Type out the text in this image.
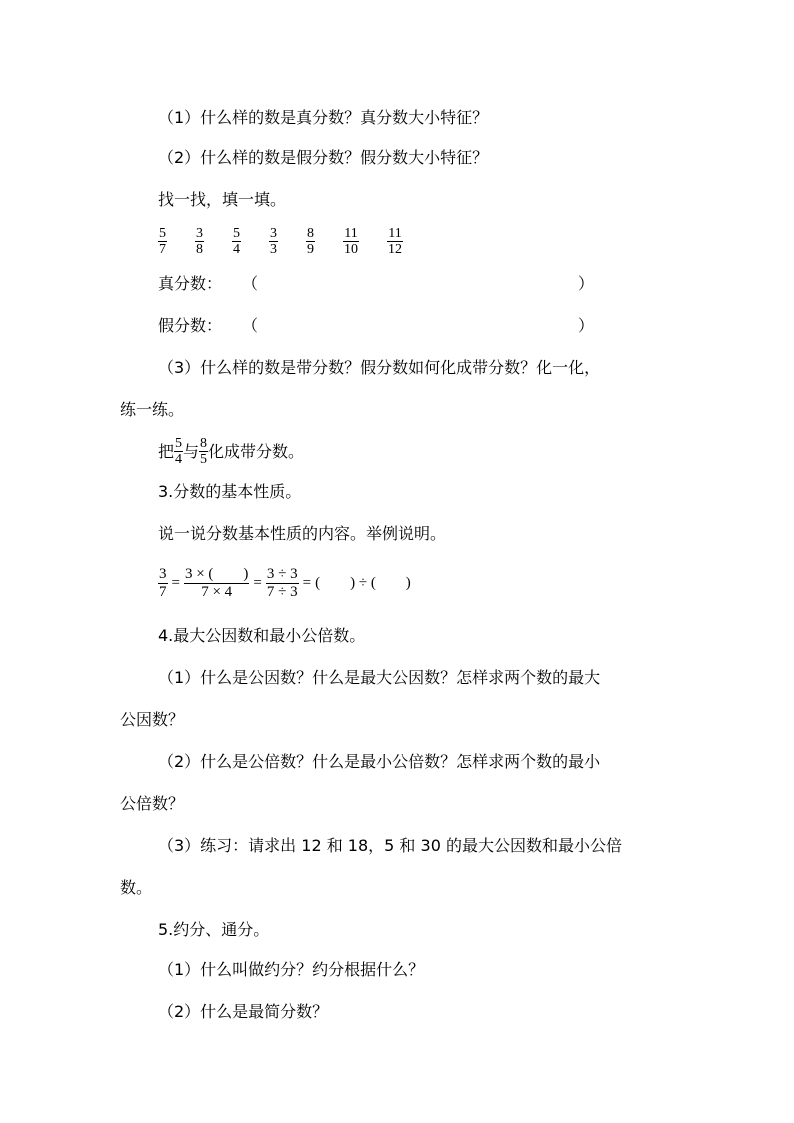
（1）什么样的数是真分数？真分数大小特征？
（2）什么样的数是假分数？假分数大小特征？
找一找，填一填。
$\frac{5}{7} \frac{3}{8} \frac{5}{4} \frac{3}{3} \frac{8}{9} \frac{11}{10} \frac{11}{12}$
真分数： （	）
假分数： （	）
（3）什么样的数是带分数？假分数如何化成带分数？化一化，
练一练。
把 $\frac{5}{4}$ 与 $\frac{8}{5}$ 化成带分数。
3.分数的基本性质。
说一说分数基本性质的内容。举例说明。
$\frac{3}{7} = \frac{3 \times ( )}{7 \times 4} = \frac{3 \div 3}{7 \div 3}$ = (        ) ÷ (        )
4.最大公因数和最小公倍数。
（1）什么是公因数？什么是最大公因数？怎样求两个数的最大
公因数？
（2）什么是公倍数？什么是最小公倍数？怎样求两个数的最小
公倍数？
（3）练习：请求出 12 和 18，5 和 30 的最大公因数和最小公倍
数。
5.约分、通分。
（1）什么叫做约分？约分根据什么？
（2）什么是最简分数？
